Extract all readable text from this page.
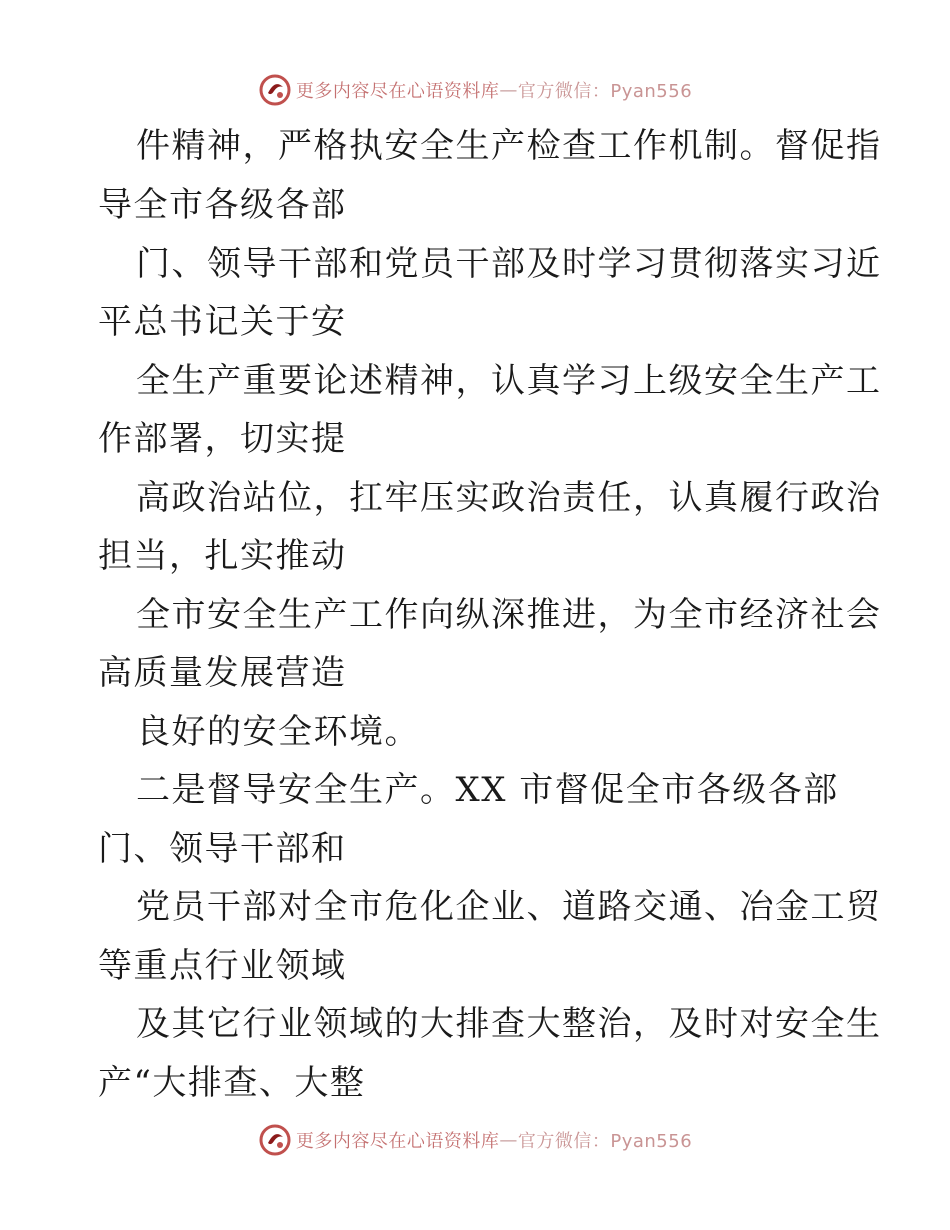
更多内容尽在心语资料库 — 官方微信：Pyan556
件精神，严格执安全生产检查工作机制。督促指
导全市各级各部
门、领导干部和党员干部及时学习贯彻落实习近
平总书记关于安
全生产重要论述精神，认真学习上级安全生产工
作部署，切实提
高政治站位，扛牢压实政治责任，认真履行政治
担当，扎实推动
全市安全生产工作向纵深推进，为全市经济社会
高质量发展营造
良好的安全环境。
二是督导安全生产。XX 市督促全市各级各部
门、领导干部和
党员干部对全市危化企业、道路交通、冶金工贸
等重点行业领域
及其它行业领域的大排查大整治，及时对安全生
产“大排查、大整
更多内容尽在心语资料库 — 官方微信：Pyan556
